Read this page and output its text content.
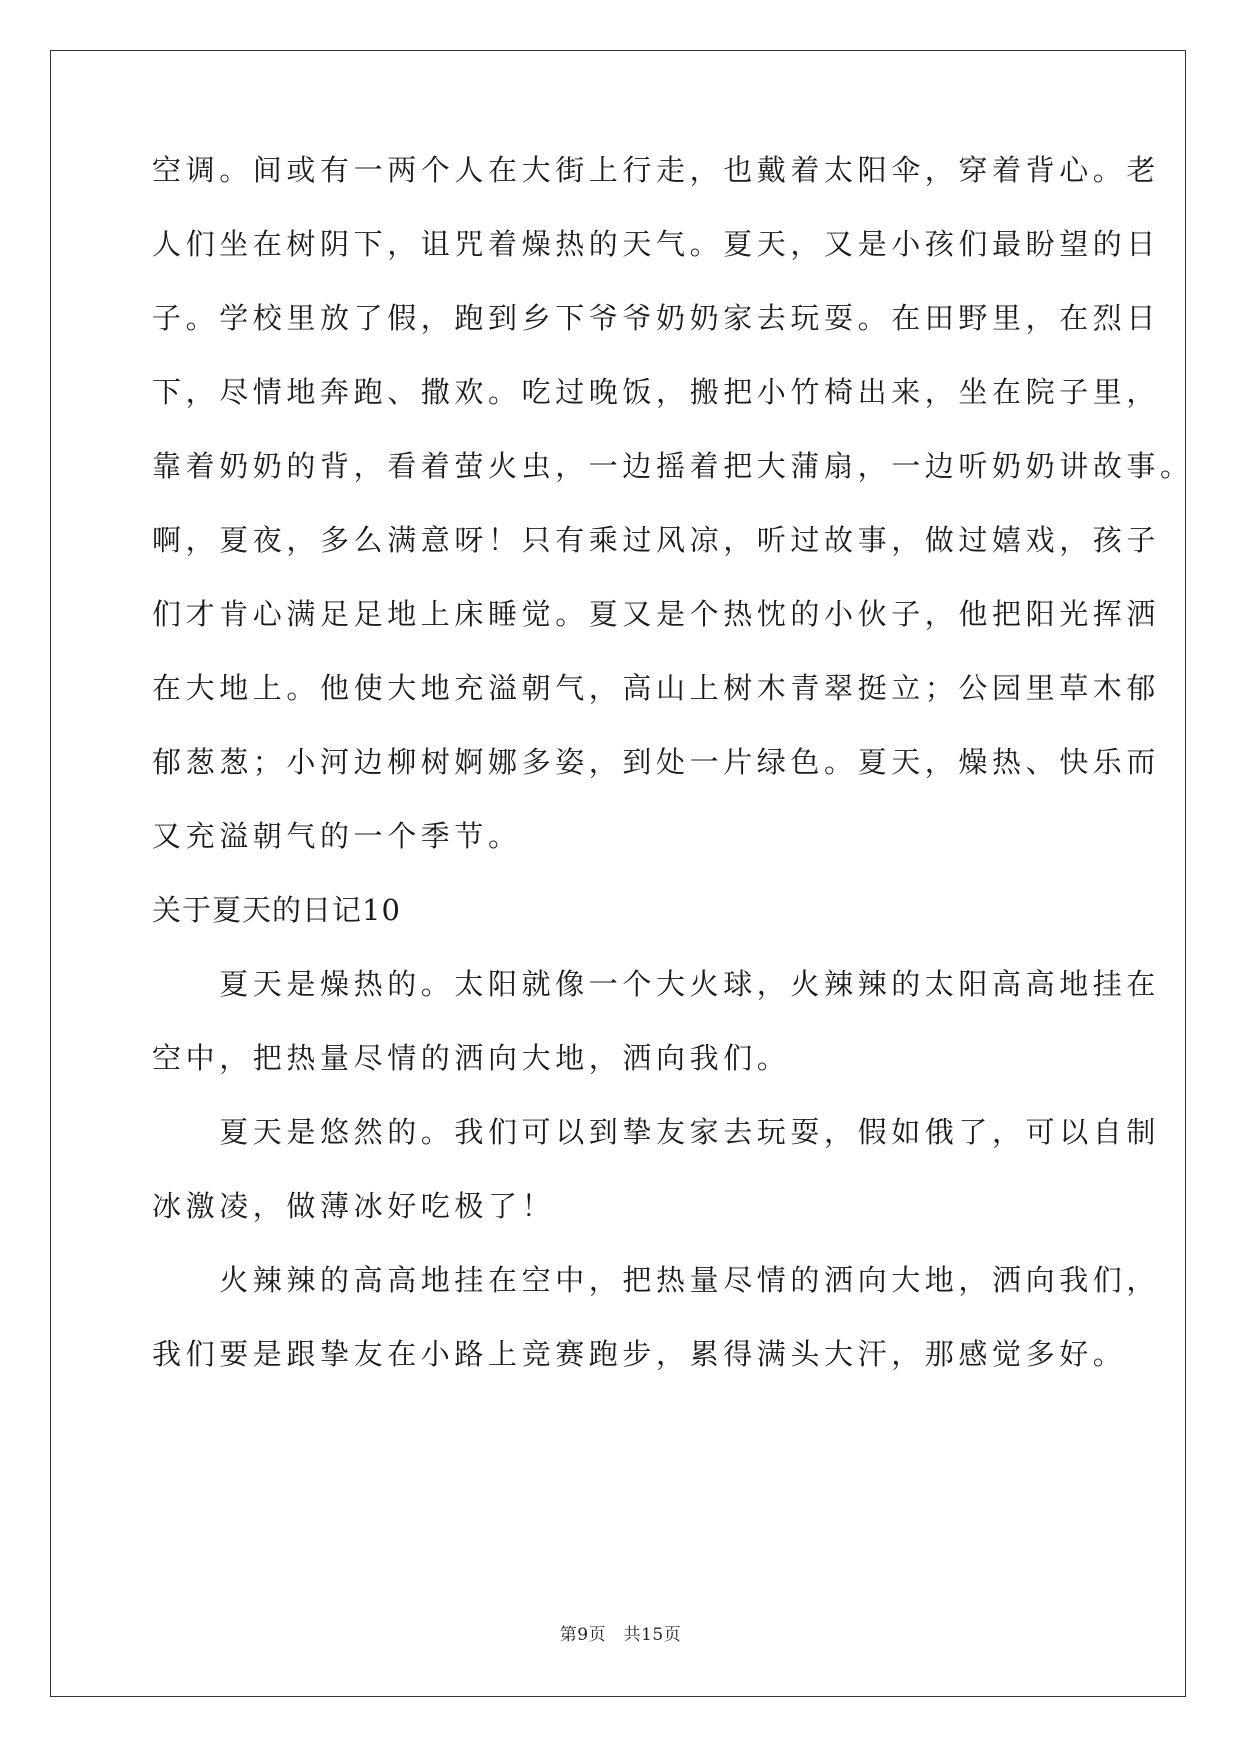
空调。间或有一两个人在大街上行走，也戴着太阳伞，穿着背心。老
人们坐在树阴下，诅咒着燥热的天气。夏天，又是小孩们最盼望的日
子。学校里放了假，跑到乡下爷爷奶奶家去玩耍。在田野里，在烈日
下，尽情地奔跑、撒欢。吃过晚饭，搬把小竹椅出来，坐在院子里，
靠着奶奶的背，看着萤火虫，一边摇着把大蒲扇，一边听奶奶讲故事。
啊，夏夜，多么满意呀！只有乘过风凉，听过故事，做过嬉戏，孩子
们才肯心满足足地上床睡觉。夏又是个热忱的小伙子，他把阳光挥洒
在大地上。他使大地充溢朝气，高山上树木青翠挺立；公园里草木郁
郁葱葱；小河边柳树婀娜多姿，到处一片绿色。夏天，燥热、快乐而
又充溢朝气的一个季节。
关于夏天的日记10
　　夏天是燥热的。太阳就像一个大火球，火辣辣的太阳高高地挂在
空中，把热量尽情的洒向大地，洒向我们。
　　夏天是悠然的。我们可以到挚友家去玩耍，假如俄了，可以自制
冰激凌，做薄冰好吃极了！
　　火辣辣的高高地挂在空中，把热量尽情的洒向大地，洒向我们，
我们要是跟挚友在小路上竞赛跑步，累得满头大汗，那感觉多好。
第9页　共15页
